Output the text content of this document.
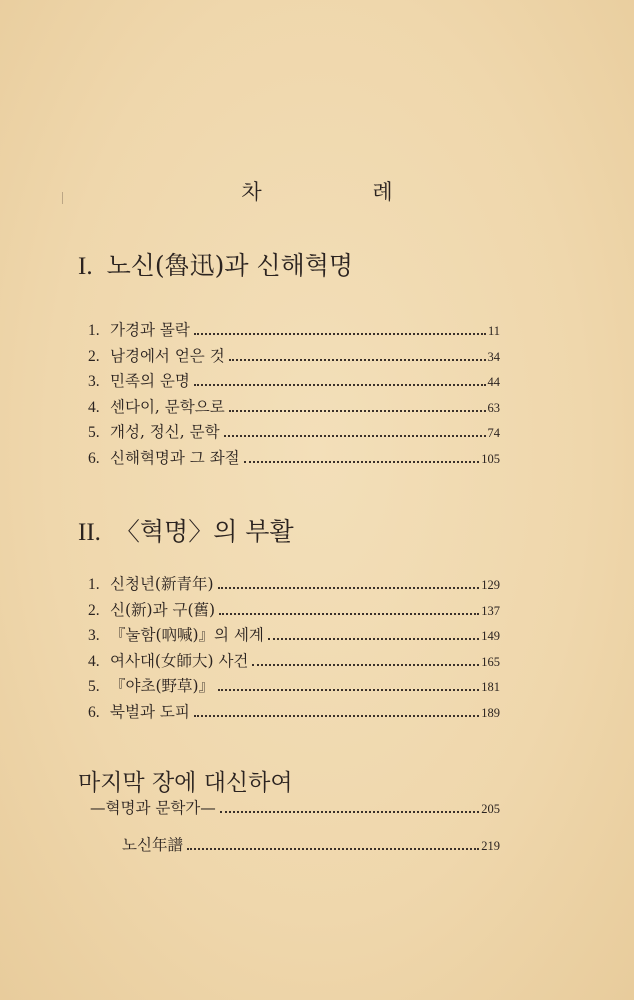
차 례
I. 노신(魯迅)과 신해혁명
1. 가경과 몰락	11
2. 남경에서 얻은 것	34
3. 민족의 운명	44
4. 센다이, 문학으로	63
5. 개성, 정신, 문학	74
6. 신해혁명과 그 좌절	105
II. 〈혁명〉의 부활
1. 신청년(新青年)	129
2. 신(新)과 구(舊)	137
3. 『눌함(吶喊)』의 세계	149
4. 여사대(女師大) 사건	165
5. 『야초(野草)』	181
6. 북벌과 도피	189
마지막 장에 대신하여
—혁명과 문학가—	205
노신年譜	219
